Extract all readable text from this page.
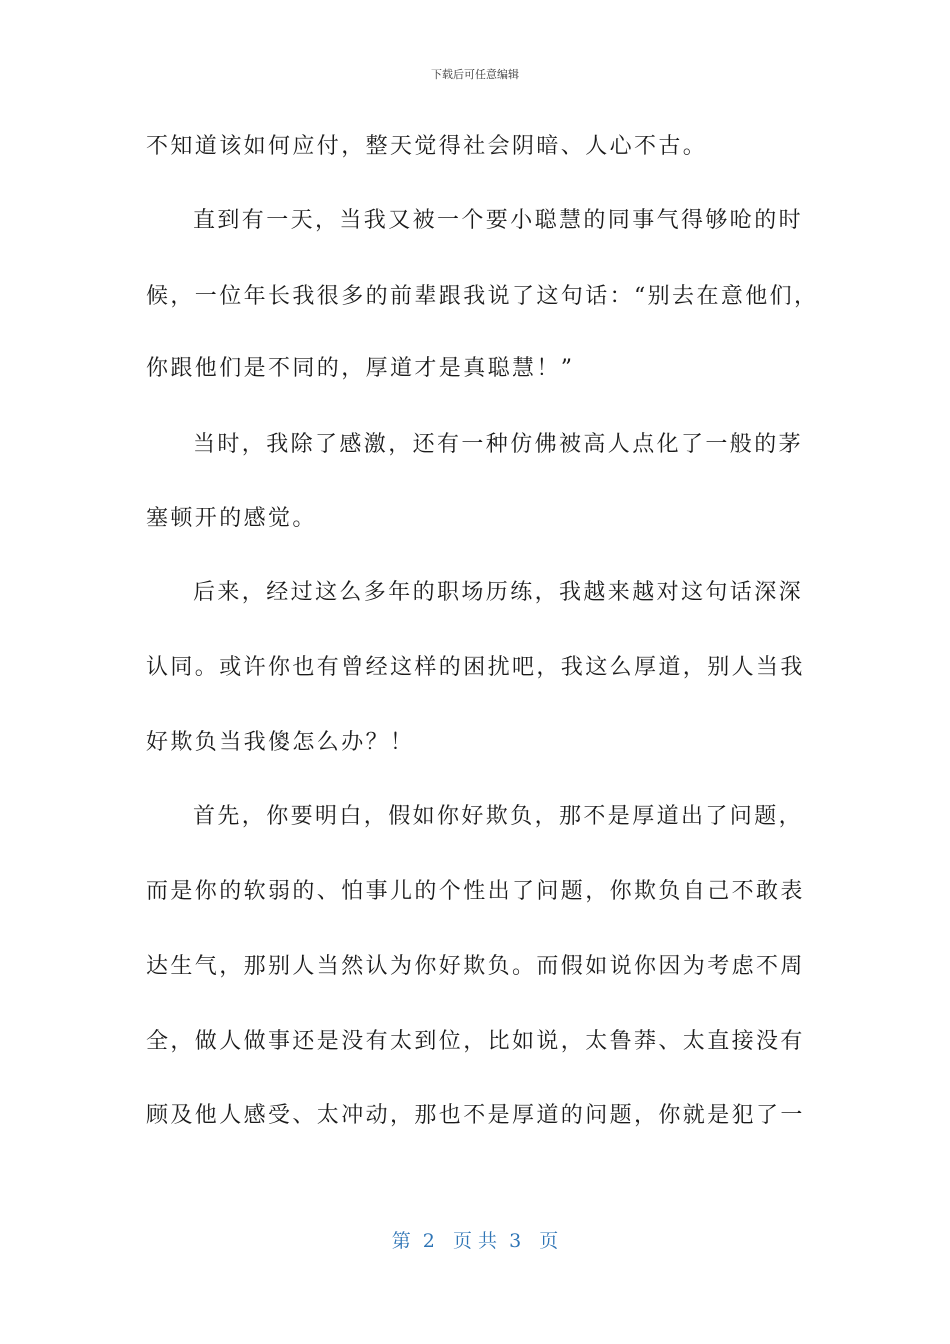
下载后可任意编辑
不知道该如何应付，整天觉得社会阴暗、人心不古。
直到有一天，当我又被一个要小聪慧的同事气得够呛的时
候，一位年长我很多的前辈跟我说了这句话：“别去在意他们，
你跟他们是不同的，厚道才是真聪慧！”
当时，我除了感激，还有一种仿佛被高人点化了一般的茅
塞顿开的感觉。
后来，经过这么多年的职场历练，我越来越对这句话深深
认同。或许你也有曾经这样的困扰吧，我这么厚道，别人当我
好欺负当我傻怎么办？！
首先，你要明白，假如你好欺负，那不是厚道出了问题，
而是你的软弱的、怕事儿的个性出了问题，你欺负自己不敢表
达生气，那别人当然认为你好欺负。而假如说你因为考虑不周
全，做人做事还是没有太到位，比如说，太鲁莽、太直接没有
顾及他人感受、太冲动，那也不是厚道的问题，你就是犯了一
第  2   页 共  3   页
